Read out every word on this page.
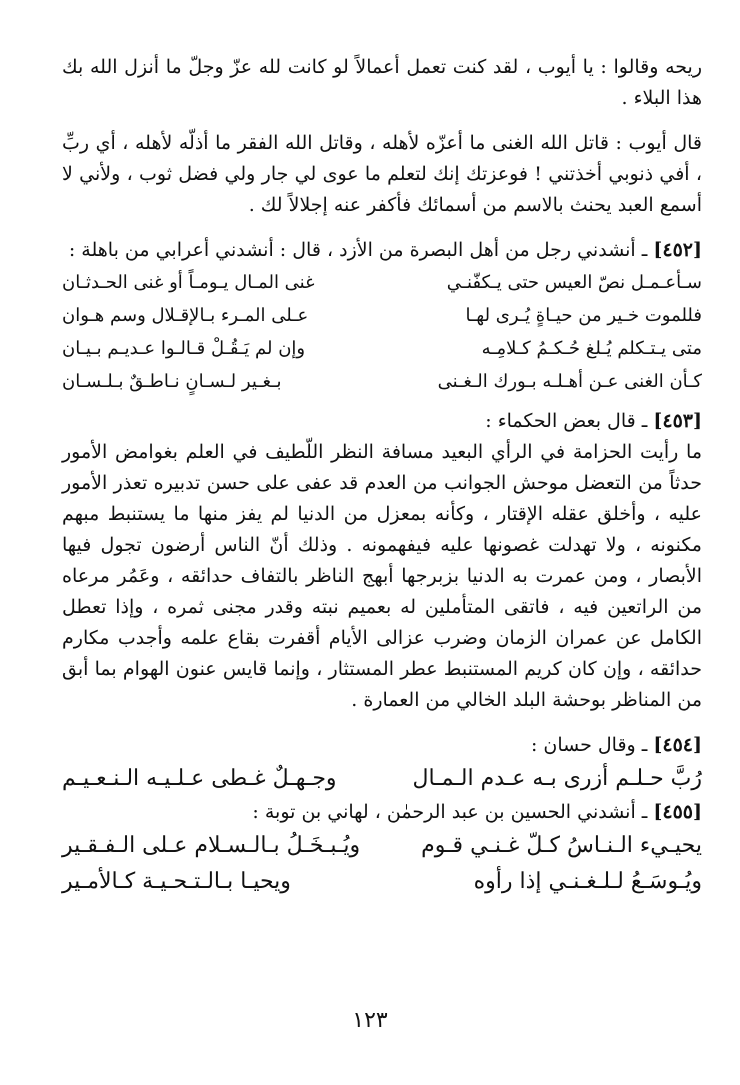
ريحه وقالوا : يا أيوب ، لقد كنت تعمل أعمالاً لو كانت لله عزّ وجلّ ما أنزل الله بك هذا البلاء .

قال أيوب : قاتل الله الغنى ما أعزّه لأهله ، وقاتل الله الفقر ما أذلّه لأهله ، أي ربِّ ، أفي ذنوبي أخذتني ! فوعزتك إنك لتعلم ما عوى لي جار ولي فضل ثوب ، ولأني لا أسمع العبد يحنث بالاسم من أسمائك فأكفر عنه إجلالاً لك .

[٤٥٢] ـ أنشدني رجل من أهل البصرة من الأزد ، قال : أنشدني أعرابي من باهلة :

سـأعـمـل نصّ العيس حتى يـكفّنـي		غنى المـال يـومـاً أو غنى الحـدثـان
فللموت خـير من حيـاةٍ يُـرى لهـا		عـلى المـرء بـالإقـلال وسم هـوان
متى يـتـكلم يُـلغ حُـكـمُ كـلامِـه		وإن لم يَـقُـلْ قـالـوا عـديـم بـيـان
كـأن الغنى عـن أهـلـه بـورك الـغـنى		بـغـير لـسـانٍ نـاطـقٌ بـلـسـان

[٤٥٣] ـ قال بعض الحكماء :

ما رأيت الحزامة في الرأي البعيد مسافة النظر اللّطيف في العلم بغوامض الأمور حدثاً من التعضل موحش الجوانب من العدم قد عفى على حسن تدبيره تعذر الأمور عليه ، وأخلق عقله الإقتار ، وكأنه بمعزل من الدنيا لم يفز منها ما يستنبط مبهم مكنونه ، ولا تهدلت غصونها عليه فيفهمونه . وذلك أنّ الناس أرضون تجول فيها الأبصار ، ومن عمرت به الدنيا بزبرجها أبهج الناظر بالتفاف حدائقه ، وعَمُر مرعاه من الراتعين فيه ، فاتقى المتأملين له بعميم نبته وقدر مجنى ثمره ، وإذا تعطل الكامل عن عمران الزمان وضرب عزالى الأيام أقفرت بقاع علمه وأجدب مكارم حدائقه ، وإن كان كريم المستنبط عطر المستثار ، وإنما قايس عنون الهوام بما أبق من المناظر بوحشة البلد الخالي من العمارة .

[٤٥٤] ـ وقال حسان :

رُبَّ حـلـم أزرى بـه عـدم الـمـال		وجـهـلٌ غـطى عـلـيـه الـنـعـيـم

[٤٥٥] ـ أنشدني الحسين بن عبد الرحمٰن ، لهاني بن توبة :

يحيـيء الـنـاسُ كـلّ غـنـي قـوم		ويُـبـخَـلُ بـالـسـلام عـلى الـفـقـير
ويُـوسَـعُ لـلـغـنـي إذا رأوه		ويحيـا بـالـتـحـيـة كـالأمـير
١٢٣
